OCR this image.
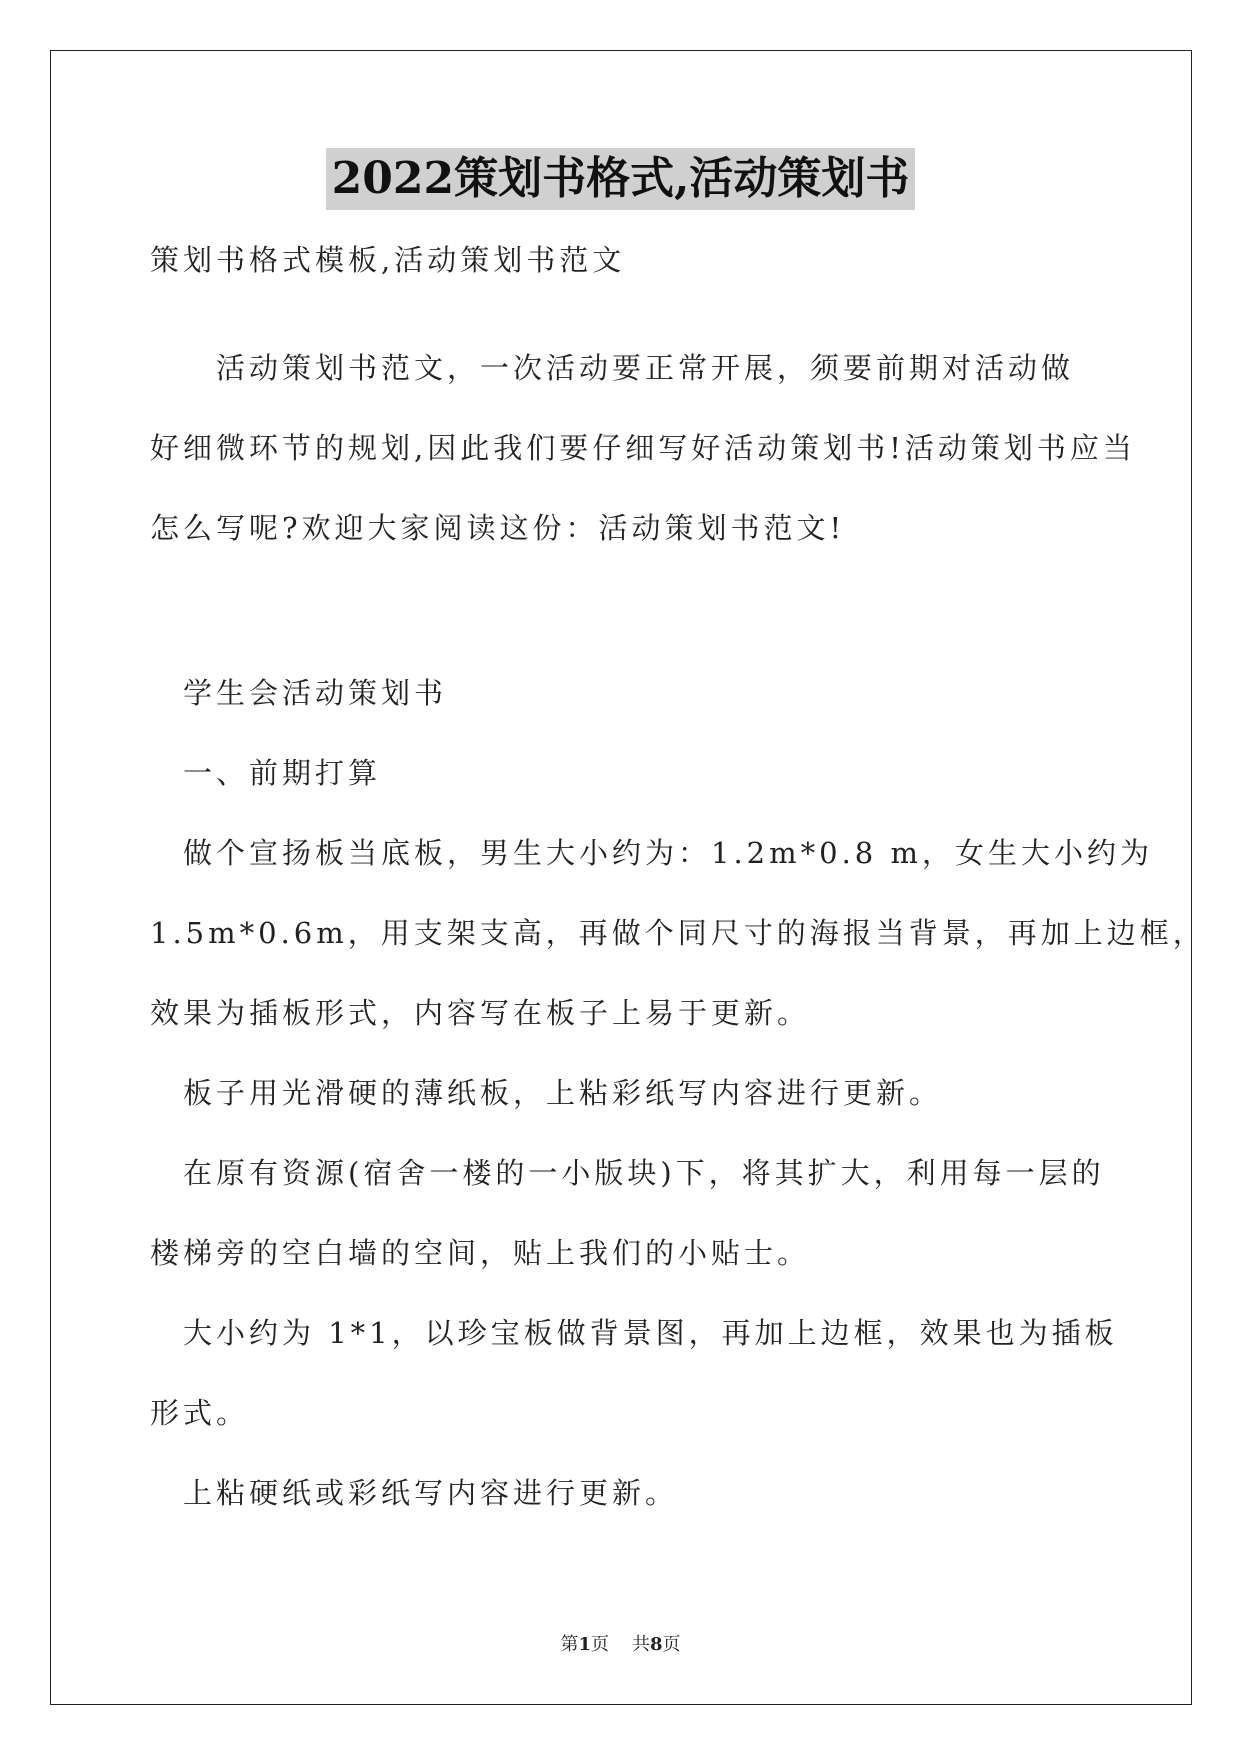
2022策划书格式,活动策划书
策划书格式模板,活动策划书范文
　　活动策划书范文，一次活动要正常开展，须要前期对活动做
好细微环节的规划,因此我们要仔细写好活动策划书!活动策划书应当
怎么写呢?欢迎大家阅读这份：活动策划书范文!
　学生会活动策划书
　一、前期打算
　做个宣扬板当底板，男生大小约为：1.2m*0.8 m，女生大小约为
1.5m*0.6m，用支架支高，再做个同尺寸的海报当背景，再加上边框，
效果为插板形式，内容写在板子上易于更新。
　板子用光滑硬的薄纸板，上粘彩纸写内容进行更新。
　在原有资源(宿舍一楼的一小版块)下，将其扩大，利用每一层的
楼梯旁的空白墙的空间，贴上我们的小贴士。
　大小约为 1*1，以珍宝板做背景图，再加上边框，效果也为插板
形式。
　上粘硬纸或彩纸写内容进行更新。
第1页 共8页
